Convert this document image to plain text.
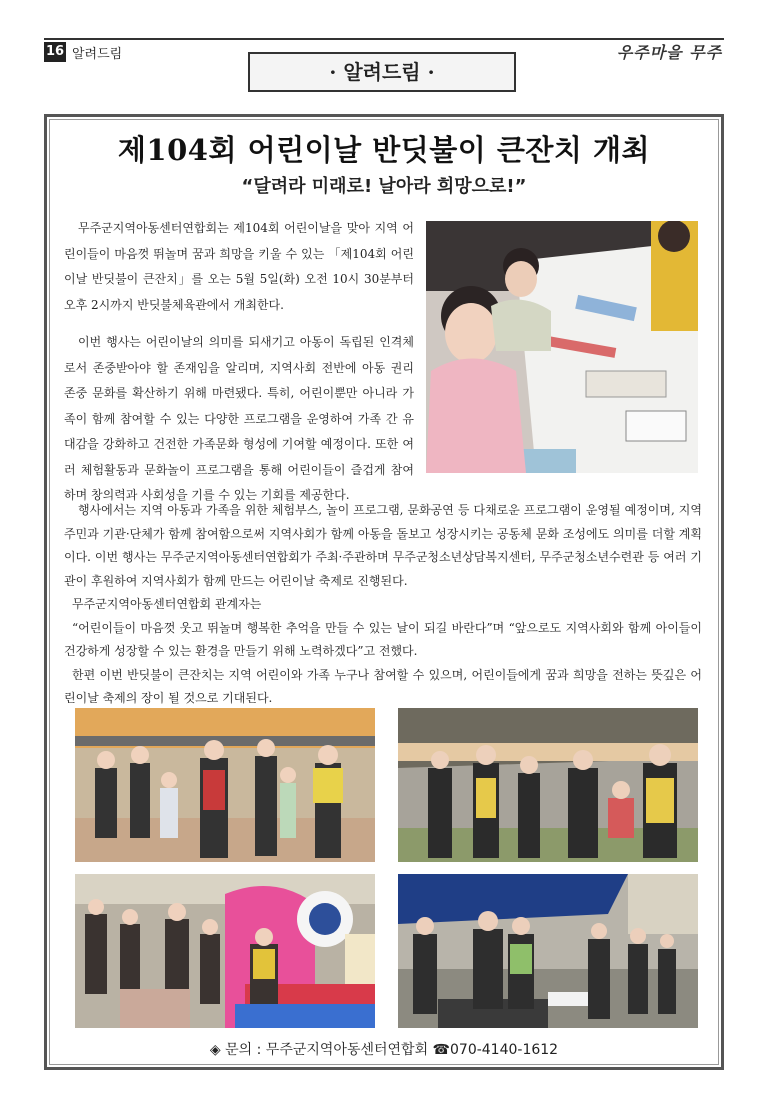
16 알려드림	우주마을 무주
· 알려드림 ·
제104회 어린이날 반딧불이 큰잔치 개최
“달려라 미래로! 날아라 희망으로!”

무주군지역아동센터연합회는 제104회 어린이날을 맞아 지역 어린이들이 마음껏 뛰놀며 꿈과 희망을 키울 수 있는 「제104회 어린이날 반딧불이 큰잔치」를 오는 5월 5일(화) 오전 10시 30분부터 오후 2시까지 반딧불체육관에서 개최한다.

이번 행사는 어린이날의 의미를 되새기고 아동이 독립된 인격체로서 존중받아야 할 존재임을 알리며, 지역사회 전반에 아동 권리 존중 문화를 확산하기 위해 마련됐다. 특히, 어린이뿐만 아니라 가족이 함께 참여할 수 있는 다양한 프로그램을 운영하여 가족 간 유대감을 강화하고 건전한 가족문화 형성에 기여할 예정이다. 또한 여러 체험활동과 문화놀이 프로그램을 통해 어린이들이 즐겁게 참여하며 창의력과 사회성을 기를 수 있는 기회를 제공한다.

행사에서는 지역 아동과 가족을 위한 체험부스, 놀이 프로그램, 문화공연 등 다채로운 프로그램이 운영될 예정이며, 지역 주민과 기관·단체가 함께 참여함으로써 지역사회가 함께 아동을 돌보고 성장시키는 공동체 문화 조성에도 의미를 더할 계획이다. 이번 행사는 무주군지역아동센터연합회가 주최·주관하며 무주군청소년상담복지센터, 무주군청소년수련관 등 여러 기관이 후원하여 지역사회가 함께 만드는 어린이날 축제로 진행된다.
무주군지역아동센터연합회 관계자는
“어린이들이 마음껏 웃고 뛰놀며 행복한 추억을 만들 수 있는 날이 되길 바란다”며 “앞으로도 지역사회와 함께 아이들이 건강하게 성장할 수 있는 환경을 만들기 위해 노력하겠다”고 전했다.
한편 이번 반딧불이 큰잔치는 지역 어린이와 가족 누구나 참여할 수 있으며, 어린이들에게 꿈과 희망을 전하는 뜻깊은 어린이날 축제의 장이 될 것으로 기대된다.
◈ 문의 : 무주군지역아동센터연합회 ☎070-4140-1612
